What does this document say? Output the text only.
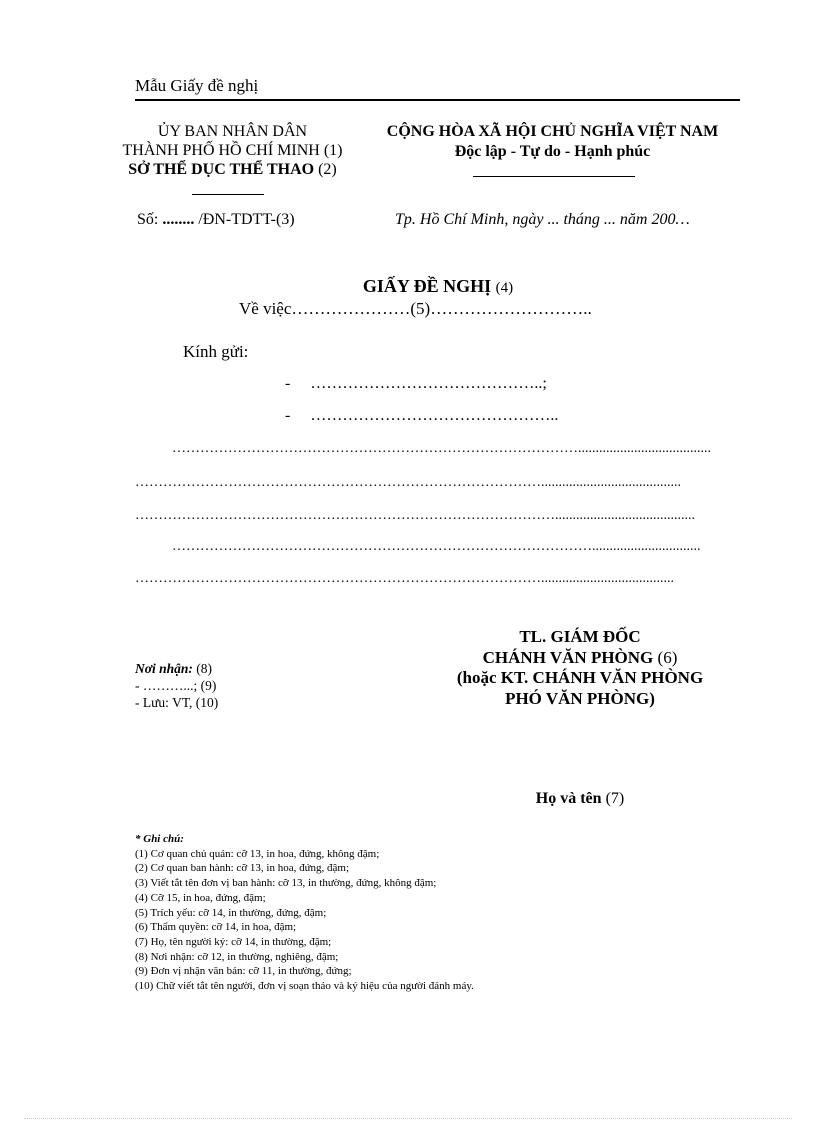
Mẫu Giấy đề nghị
ỦY BAN NHÂN DÂN
THÀNH PHỐ HỒ CHÍ MINH (1)
SỞ THỂ DỤC THỂ THAO (2)
CỘNG HÒA XÃ HỘI CHỦ NGHĨA VIỆT NAM
Độc lập - Tự do - Hạnh phúc
Số: ........ /ĐN-TDTT-(3)	Tp. Hồ Chí Minh, ngày ... tháng ... năm 200…
GIẤY ĐỀ NGHỊ (4)
Về việc…………………(5)………………………..
Kính gửi:
-     ……………………………………..;
-     ………………………………………..
……………………………………………………………………………......................................
……………………………………………………………………………........................................
………………………………………………………………………………........................................
………………………………………………………………………………...............................
……………………………………………………………………………......................................
TL. GIÁM ĐỐC
CHÁNH VĂN PHÒNG (6)
(hoặc KT. CHÁNH VĂN PHÒNG
PHÓ VĂN PHÒNG)
Họ và tên (7)
Nơi nhận: (8)
- ………...; (9)
- Lưu: VT, (10)
* Ghi chú:
(1) Cơ quan chủ quản: cỡ 13, in hoa, đứng, không đậm;
(2) Cơ quan ban hành: cỡ 13, in hoa, đứng, đậm;
(3) Viết tắt tên đơn vị ban hành: cỡ 13, in thường, đứng, không đậm;
(4) Cỡ 15, in hoa, đứng, đậm;
(5) Trích yếu: cỡ 14, in thường, đứng, đậm;
(6) Thẩm quyền: cỡ 14, in hoa, đậm;
(7) Họ, tên người ký: cỡ 14, in thường, đậm;
(8) Nơi nhận: cỡ 12, in thường, nghiêng, đậm;
(9) Đơn vị nhận văn bản: cỡ 11, in thường, đứng;
(10) Chữ viết tắt tên người, đơn vị soạn thảo và ký hiệu của người đánh máy.
